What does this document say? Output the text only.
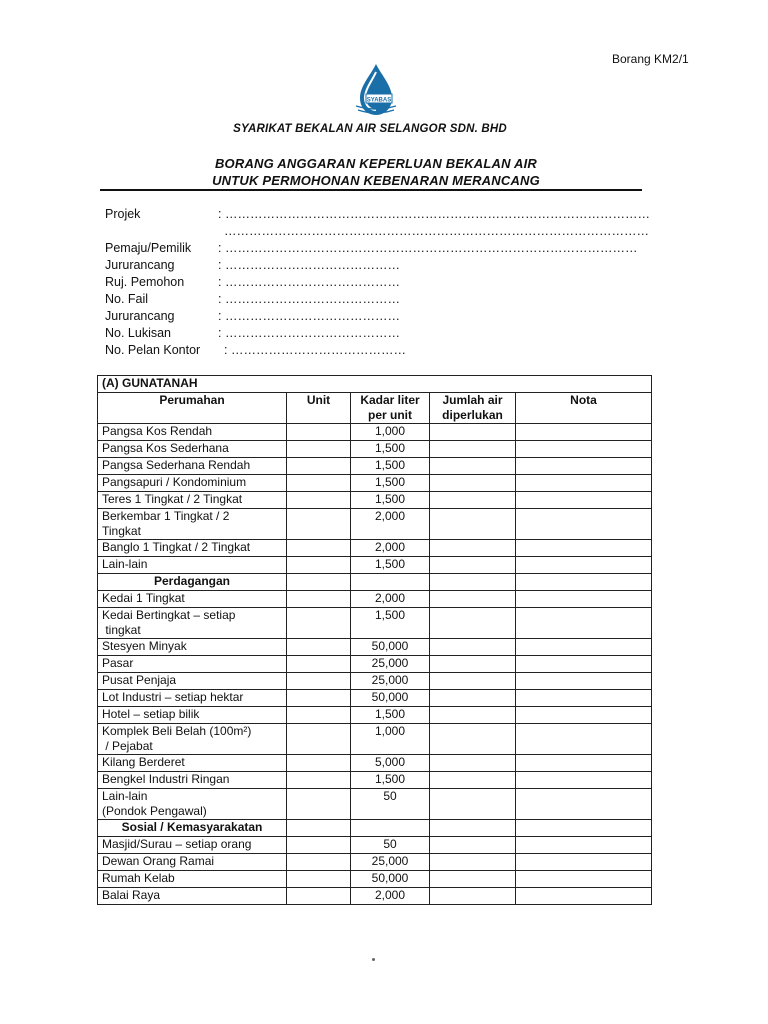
Borang KM2/1
SYABAS
SYARIKAT BEKALAN AIR SELANGOR SDN. BHD
BORANG ANGGARAN KEPERLUAN BEKALAN AIR
UNTUK PERMOHONAN KEBENARAN MERANCANG
Projek	: …………………………………………………………………………………………
…………………………………………………………………………………………
Pemaju/Pemilik : ………………………………………………………………………………………
Jururancang	: ……………………………………
Ruj. Pemohon	: ……………………………………
No. Fail	: ……………………………………
Jururancang	: ……………………………………
No. Lukisan	: ……………………………………
No. Pelan Kontor : ……………………………………
(A) GUNATANAH				
Perumahan	Unit	Kadar liter
per unit	Jumlah air
diperlukan	Nota
Pangsa Kos Rendah		1,000		
Pangsa Kos Sederhana		1,500		
Pangsa Sederhana Rendah		1,500		
Pangsapuri / Kondominium		1,500		
Teres 1 Tingkat / 2 Tingkat		1,500		
Berkembar 1 Tingkat / 2
Tingkat		2,000		
Banglo 1 Tingkat / 2 Tingkat		2,000		
Lain-lain		1,500		
Perdagangan				
Kedai 1 Tingkat		2,000		
Kedai Bertingkat – setiap
tingkat		1,500		
Stesyen Minyak		50,000		
Pasar		25,000		
Pusat Penjaja		25,000		
Lot Industri – setiap hektar		50,000		
Hotel – setiap bilik		1,500		
Komplek Beli Belah (100m²)
/ Pejabat		1,000		
Kilang Berderet		5,000		
Bengkel Industri Ringan		1,500		
Lain-lain
(Pondok Pengawal)		50		
Sosial / Kemasyarakatan				
Masjid/Surau – setiap orang		50		
Dewan Orang Ramai		25,000		
Rumah Kelab		50,000		
Balai Raya		2,000		
